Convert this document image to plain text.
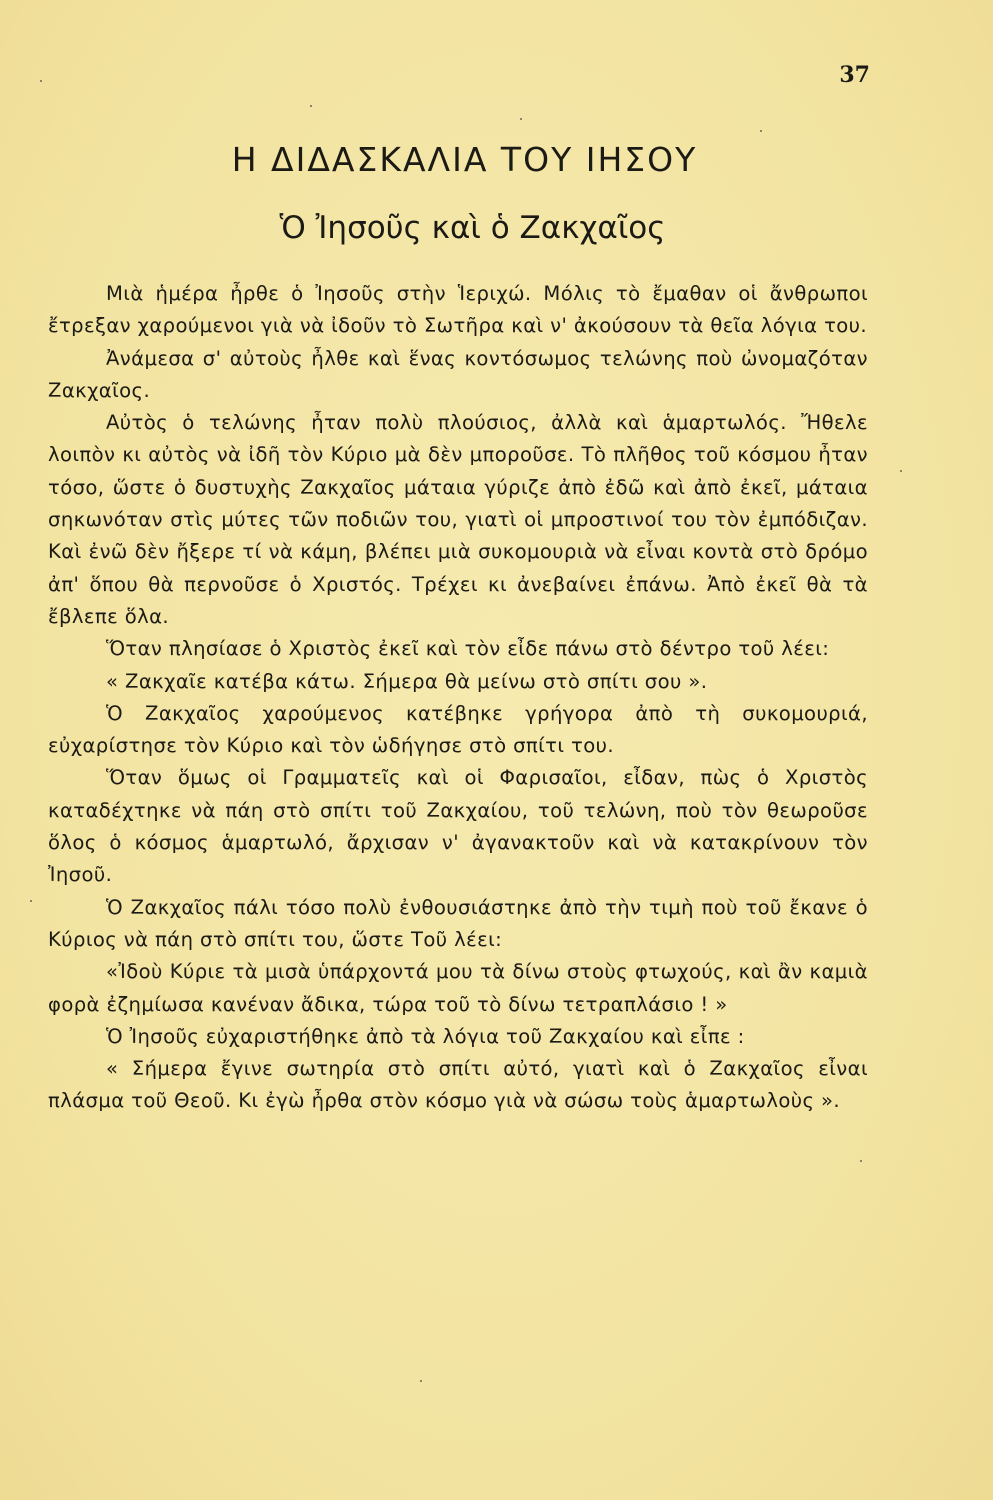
37
Η ΔΙΔΑΣΚΑΛΙΑ ΤΟΥ ΙΗΣΟΥ
Ὁ Ἰησοῦς καὶ ὁ Ζακχαῖος

Μιὰ ἡμέρα ἦρθε ὁ Ἰησοῦς στὴν Ἱεριχώ. Μόλις τὸ ἔμαθαν οἱ ἄνθρωποι ἔτρεξαν χαρούμενοι γιὰ νὰ ἰδοῦν τὸ Σωτῆρα καὶ ν' ἀκούσουν τὰ θεῖα λόγια του.

Ἀνάμεσα σ' αὐτοὺς ἦλθε καὶ ἕνας κοντόσωμος τελώνης ποὺ ὠνομαζόταν Ζακχαῖος.

Αὐτὸς ὁ τελώνης ἦταν πολὺ πλούσιος, ἀλλὰ καὶ ἁμαρτωλός. Ἤθελε λοιπὸν κι αὐτὸς νὰ ἰδῆ τὸν Κύριο μὰ δὲν μποροῦσε. Τὸ πλῆθος τοῦ κόσμου ἦταν τόσο, ὥστε ὁ δυστυχὴς Ζακχαῖος μάταια γύριζε ἀπὸ ἐδῶ καὶ ἀπὸ ἐκεῖ, μάταια σηκωνόταν στὶς μύτες τῶν ποδιῶν του, γιατὶ οἱ μπροστινοί του τὸν ἐμπόδιζαν. Καὶ ἐνῶ δὲν ἤξερε τί νὰ κάμη, βλέπει μιὰ συκομουριὰ νὰ εἶναι κοντὰ στὸ δρόμο ἀπ' ὅπου θὰ περνοῦσε ὁ Χριστός. Τρέχει κι ἀνεβαίνει ἐπάνω. Ἀπὸ ἐκεῖ θὰ τὰ ἔβλεπε ὅλα.

Ὅταν πλησίασε ὁ Χριστὸς ἐκεῖ καὶ τὸν εἶδε πάνω στὸ δέντρο τοῦ λέει:

« Ζακχαῖε κατέβα κάτω. Σήμερα θὰ μείνω στὸ σπίτι σου ».

Ὁ Ζακχαῖος χαρούμενος κατέβηκε γρήγορα ἀπὸ τὴ συκομουριά, εὐχαρίστησε τὸν Κύριο καὶ τὸν ὡδήγησε στὸ σπίτι του.

Ὅταν ὅμως οἱ Γραμματεῖς καὶ οἱ Φαρισαῖοι, εἶδαν, πὼς ὁ Χριστὸς καταδέχτηκε νὰ πάη στὸ σπίτι τοῦ Ζακχαίου, τοῦ τελώνη, ποὺ τὸν θεωροῦσε ὅλος ὁ κόσμος ἁμαρτωλό, ἄρχισαν ν' ἀγανακτοῦν καὶ νὰ κατακρίνουν τὸν Ἰησοῦ.

Ὁ Ζακχαῖος πάλι τόσο πολὺ ἐνθουσιάστηκε ἀπὸ τὴν τιμὴ ποὺ τοῦ ἔκανε ὁ Κύριος νὰ πάη στὸ σπίτι του, ὥστε Τοῦ λέει:

«Ἰδοὺ Κύριε τὰ μισὰ ὑπάρχοντά μου τὰ δίνω στοὺς φτωχούς, καὶ ἂν καμιὰ φορὰ ἐζημίωσα κανέναν ἄδικα, τώρα τοῦ τὸ δίνω τετραπλάσιο ! »

Ὁ Ἰησοῦς εὐχαριστήθηκε ἀπὸ τὰ λόγια τοῦ Ζακχαίου καὶ εἶπε :

« Σήμερα ἔγινε σωτηρία στὸ σπίτι αὐτό, γιατὶ καὶ ὁ Ζακχαῖος εἶναι πλάσμα τοῦ Θεοῦ. Κι ἐγὼ ἦρθα στὸν κόσμο γιὰ νὰ σώσω τοὺς ἁμαρτωλοὺς ».
